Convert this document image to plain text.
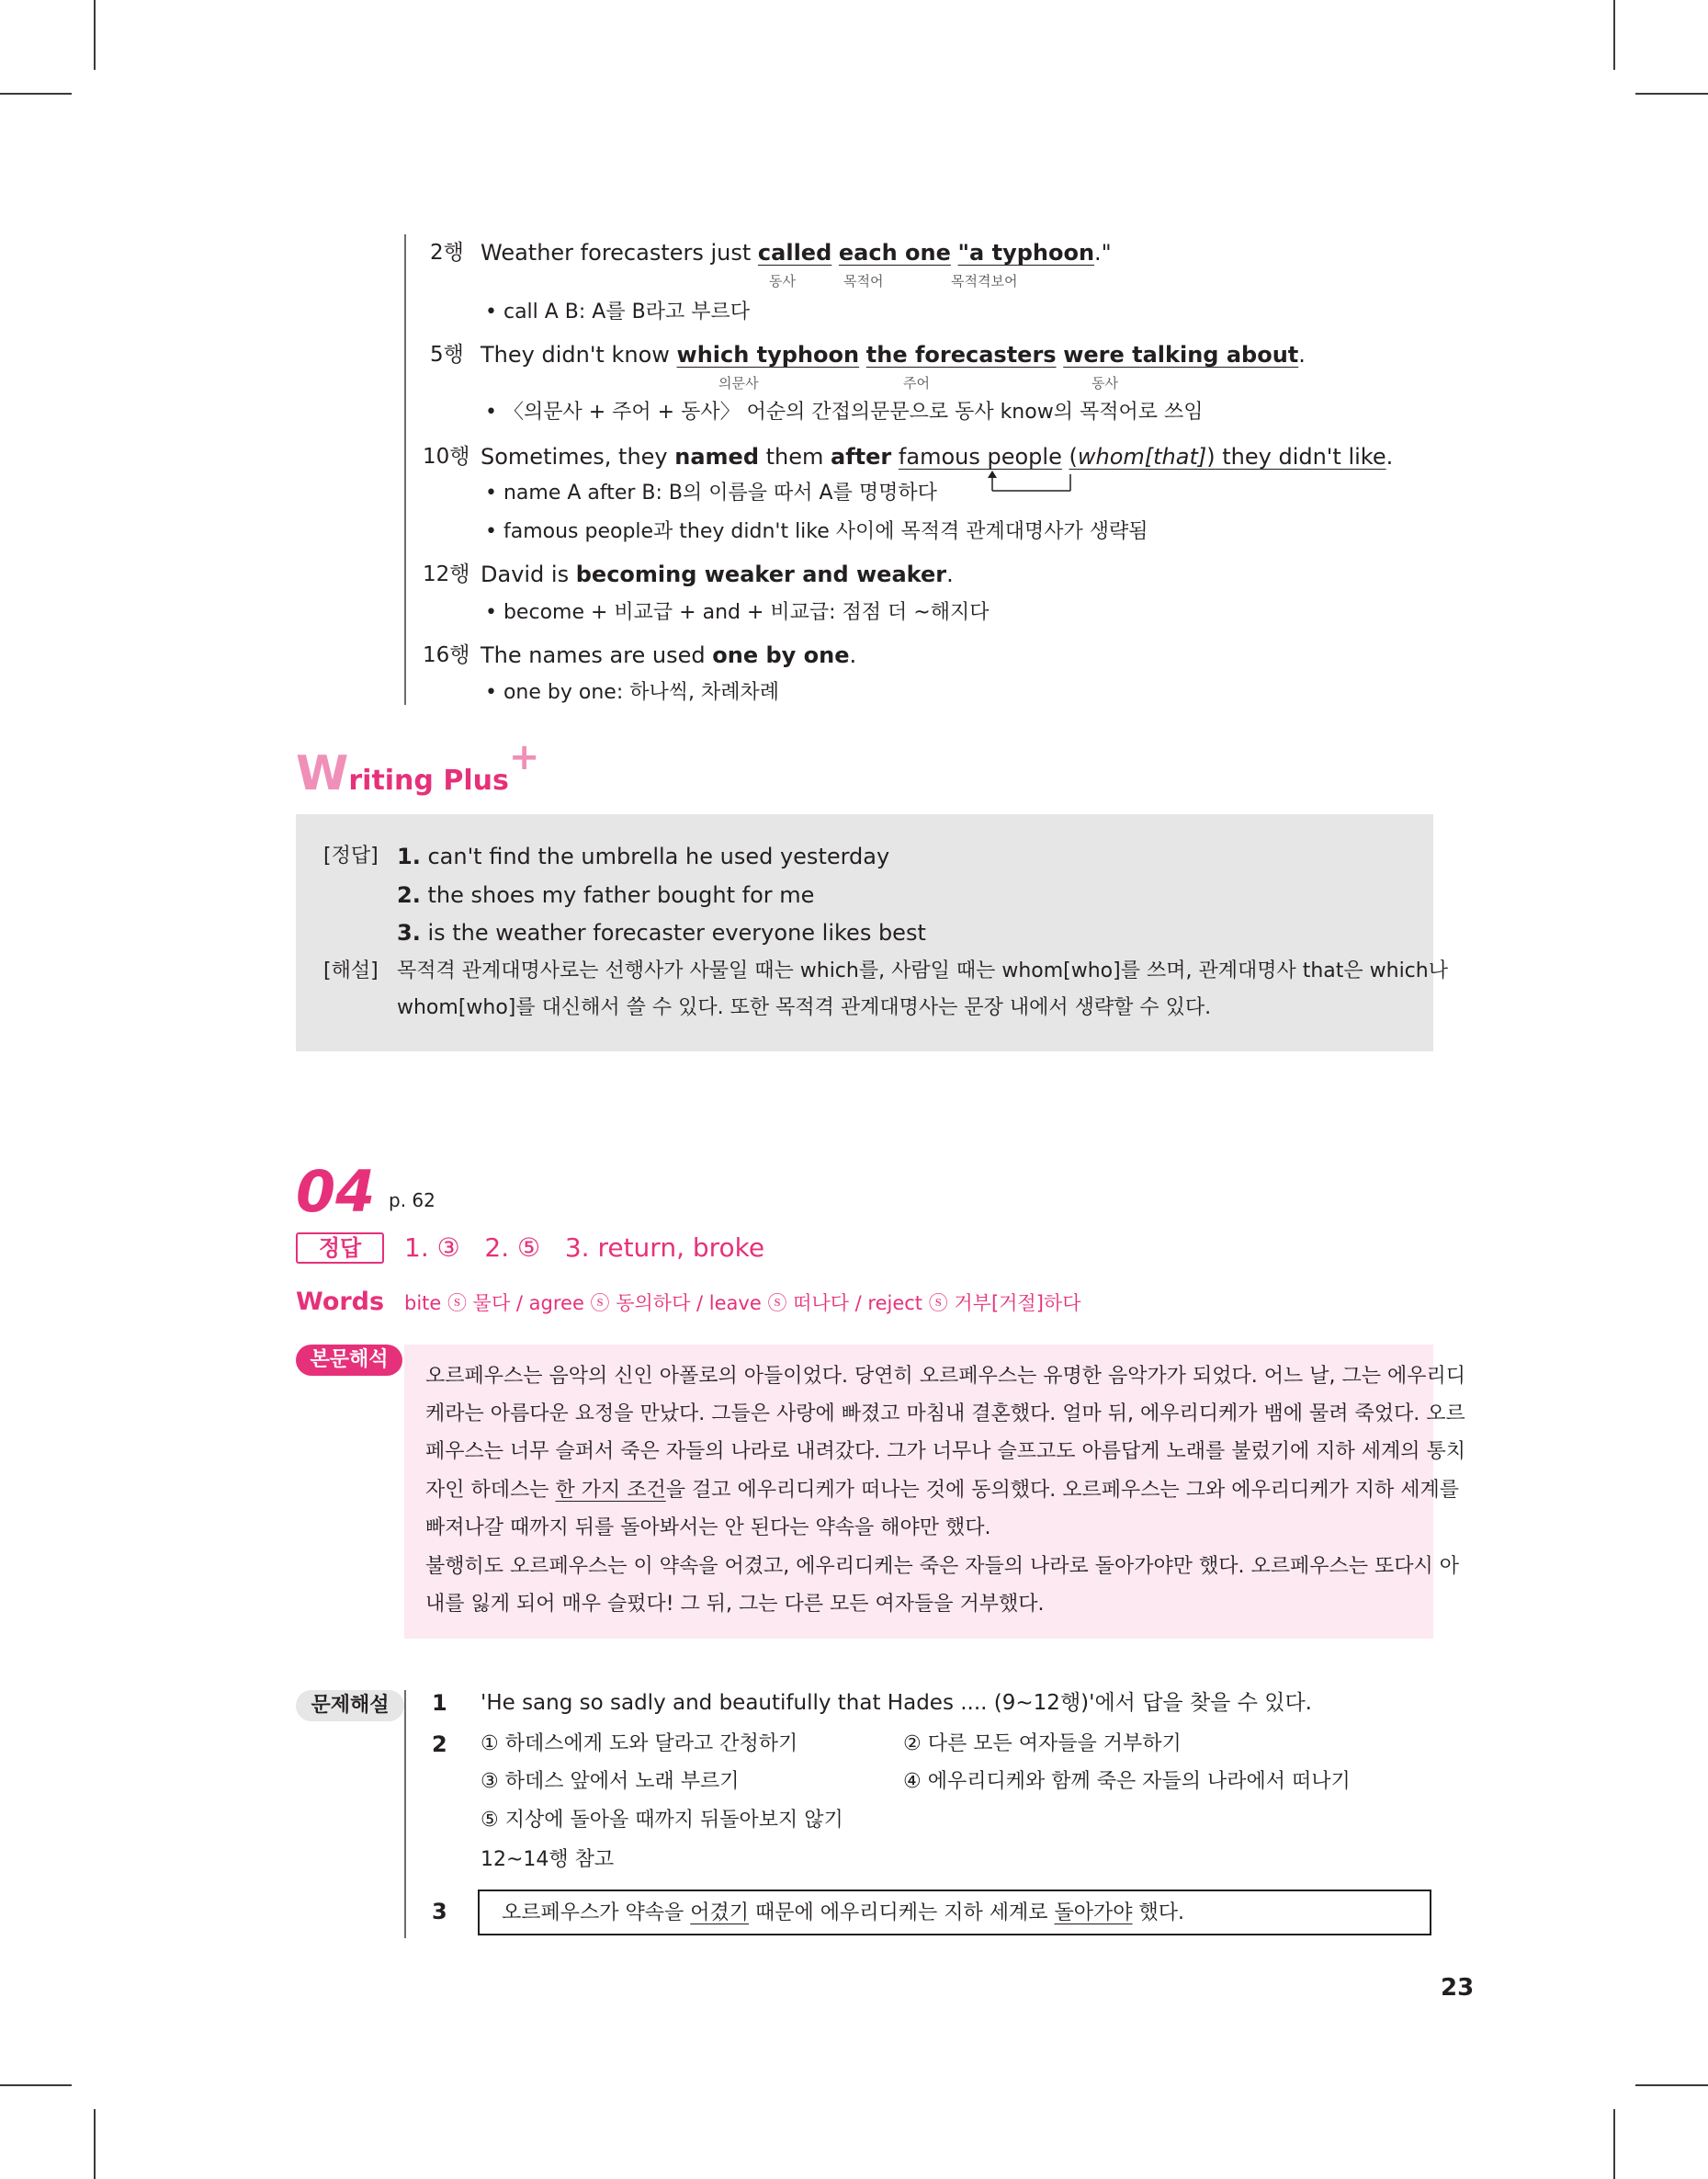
2행 Weather forecasters just called each one "a typhoon."
동사	목적어	목적격보어
• call A B: A를 B라고 부르다
5행 They didn't know which typhoon the forecasters were talking about.
의문사	주어	동사
• 〈의문사 + 주어 + 동사〉 어순의 간접의문문으로 동사 know의 목적어로 쓰임
10행 Sometimes, they named them after famous people (whom[that]) they didn't like.
• name A after B: B의 이름을 따서 A를 명명하다
• famous people과 they didn't like 사이에 목적격 관계대명사가 생략됨
12행 David is becoming weaker and weaker.
• become + 비교급 + and + 비교급: 점점 더 ~해지다
16행 The names are used one by one.
• one by one: 하나씩, 차례차례
Writing Plus+
[정답] 1. can't find the umbrella he used yesterday
2. the shoes my father bought for me
3. is the weather forecaster everyone likes best
[해설] 목적격 관계대명사로는 선행사가 사물일 때는 which를, 사람일 때는 whom[who]를 쓰며, 관계대명사 that은 which나
whom[who]를 대신해서 쓸 수 있다. 또한 목적격 관계대명사는 문장 내에서 생략할 수 있다.
04 p. 62
정답	1. ③   2. ⑤   3. return, broke
Words bite ⓢ 물다 / agree ⓢ 동의하다 / leave ⓢ 떠나다 / reject ⓢ 거부[거절]하다
본문해석
오르페우스는 음악의 신인 아폴로의 아들이었다. 당연히 오르페우스는 유명한 음악가가 되었다. 어느 날, 그는 에우리디
케라는 아름다운 요정을 만났다. 그들은 사랑에 빠졌고 마침내 결혼했다. 얼마 뒤, 에우리디케가 뱀에 물려 죽었다. 오르
페우스는 너무 슬퍼서 죽은 자들의 나라로 내려갔다. 그가 너무나 슬프고도 아름답게 노래를 불렀기에 지하 세계의 통치
자인 하데스는 한 가지 조건을 걸고 에우리디케가 떠나는 것에 동의했다. 오르페우스는 그와 에우리디케가 지하 세계를
빠져나갈 때까지 뒤를 돌아봐서는 안 된다는 약속을 해야만 했다.
불행히도 오르페우스는 이 약속을 어겼고, 에우리디케는 죽은 자들의 나라로 돌아가야만 했다. 오르페우스는 또다시 아
내를 잃게 되어 매우 슬펐다! 그 뒤, 그는 다른 모든 여자들을 거부했다.
문제해설	1 'He sang so sadly and beautifully that Hades .... (9~12행)'에서 답을 찾을 수 있다.
2 ① 하데스에게 도와 달라고 간청하기	② 다른 모든 여자들을 거부하기
③ 하데스 앞에서 노래 부르기	④ 에우리디케와 함께 죽은 자들의 나라에서 떠나기
⑤ 지상에 돌아올 때까지 뒤돌아보지 않기
12~14행 참고
3	오르페우스가 약속을 어겼기 때문에 에우리디케는 지하 세계로 돌아가야 했다.
23
